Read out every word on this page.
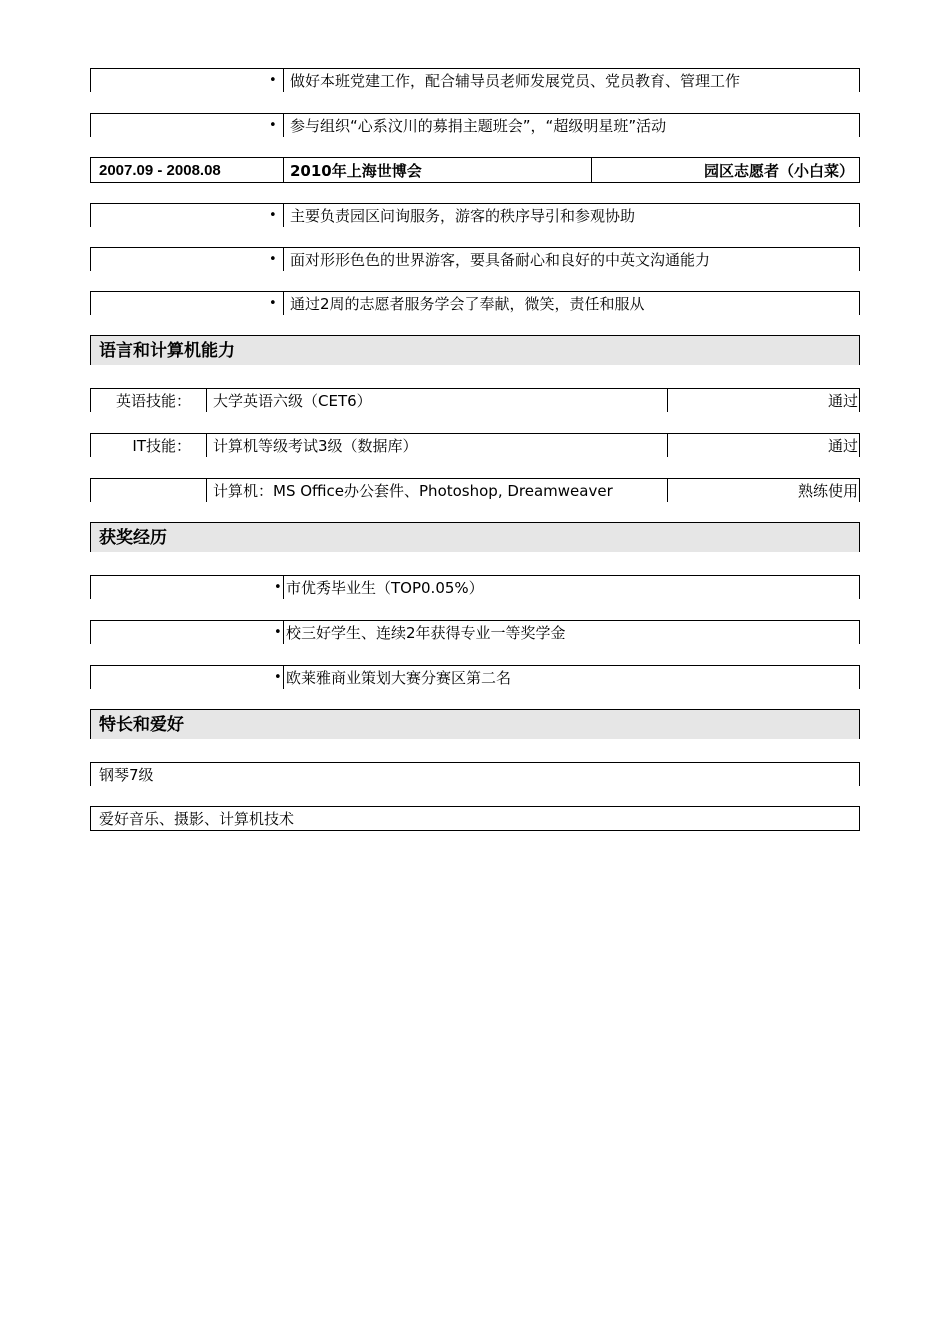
• 做好本班党建工作，配合辅导员老师发展党员、党员教育、管理工作
• 参与组织“心系汶川的募捐主题班会”，“超级明星班”活动
2007.09 - 2008.08	2010年上海世博会	园区志愿者（小白菜）
• 主要负责园区问询服务，游客的秩序导引和参观协助
• 面对形形色色的世界游客，要具备耐心和良好的中英文沟通能力
• 通过2周的志愿者服务学会了奉献，微笑，责任和服从
语言和计算机能力
英语技能： 大学英语六级（CET6）	通过
IT技能： 计算机等级考试3级（数据库）	通过
计算机：MS Office办公套件、Photoshop, Dreamweaver	熟练使用
获奖经历
• 市优秀毕业生（TOP0.05%）
• 校三好学生、连续2年获得专业一等奖学金
• 欧莱雅商业策划大赛分赛区第二名
特长和爱好
钢琴7级
爱好音乐、摄影、计算机技术
